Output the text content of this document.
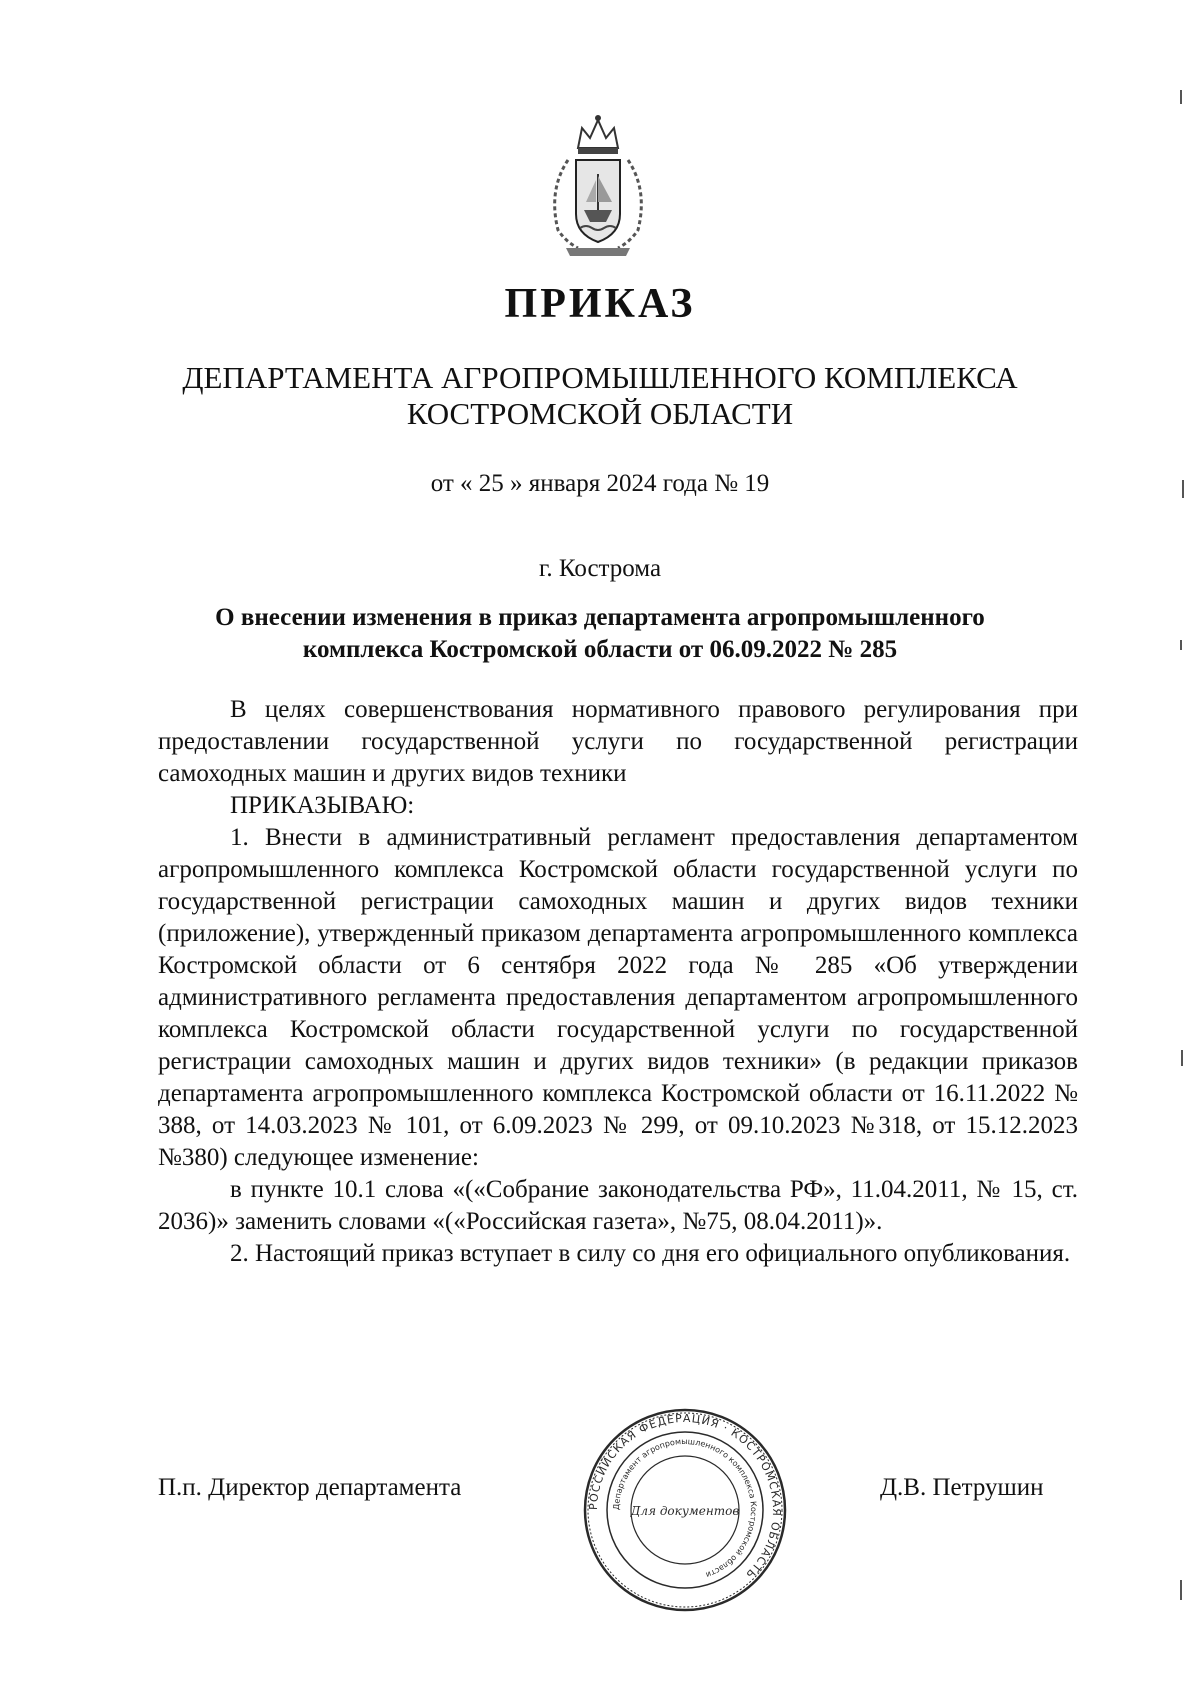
ПРИКАЗ
ДЕПАРТАМЕНТА АГРОПРОМЫШЛЕННОГО КОМПЛЕКСА
КОСТРОМСКОЙ ОБЛАСТИ
от « 25 » января 2024 года № 19
г. Кострома
О внесении изменения в приказ департамента агропромышленного
комплекса Костромской области от 06.09.2022 № 285

В целях совершенствования нормативного правового регулирования при предоставлении государственной услуги по государственной регистрации самоходных машин и других видов техники

ПРИКАЗЫВАЮ:

1. Внести в административный регламент предоставления департаментом агропромышленного комплекса Костромской области государственной услуги по государственной регистрации самоходных машин и других видов техники (приложение), утвержденный приказом департамента агропромышленного комплекса Костромской области от 6 сентября 2022 года № 285 «Об утверждении административного регламента предоставления департаментом агропромышленного комплекса Костромской области государственной услуги по государственной регистрации самоходных машин и других видов техники» (в редакции приказов департамента агропромышленного комплекса Костромской области от 16.11.2022 № 388, от 14.03.2023 № 101, от 6.09.2023 № 299, от 09.10.2023 №318, от 15.12.2023 №380) следующее изменение:

в пункте 10.1 слова «(«Собрание законодательства РФ», 11.04.2011, № 15, ст. 2036)» заменить словами «(«Российская газета», №75, 08.04.2011)».

2. Настоящий приказ вступает в силу со дня его официального опубликования.

П.п. Директор департамента
РОССИЙСКАЯ ФЕДЕРАЦИЯ · КОСТРОМСКАЯ ОБЛАСТЬ
Департамент агропромышленного комплекса Костромской области
Для документов
Д.В. Петрушин
